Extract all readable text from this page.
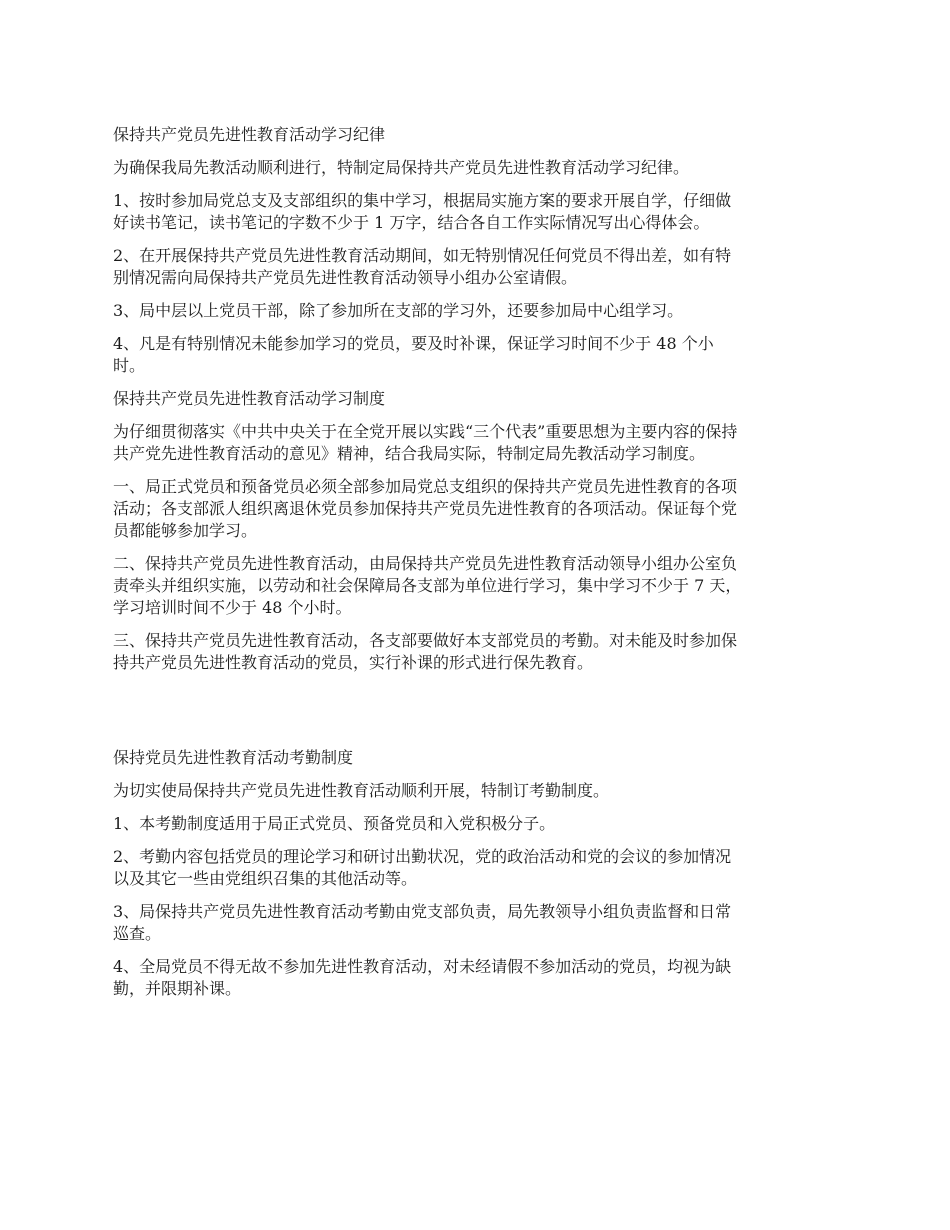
保持共产党员先进性教育活动学习纪律
为确保我局先教活动顺利进行，特制定局保持共产党员先进性教育活动学习纪律。
1、按时参加局党总支及支部组织的集中学习，根据局实施方案的要求开展自学，仔细做
好读书笔记，读书笔记的字数不少于 1 万字，结合各自工作实际情况写出心得体会。
2、在开展保持共产党员先进性教育活动期间，如无特别情况任何党员不得出差，如有特
别情况需向局保持共产党员先进性教育活动领导小组办公室请假。
3、局中层以上党员干部，除了参加所在支部的学习外，还要参加局中心组学习。
4、凡是有特别情况未能参加学习的党员，要及时补课，保证学习时间不少于 48 个小
时。
保持共产党员先进性教育活动学习制度
为仔细贯彻落实《中共中央关于在全党开展以实践“三个代表”重要思想为主要内容的保持
共产党先进性教育活动的意见》精神，结合我局实际，特制定局先教活动学习制度。
一、局正式党员和预备党员必须全部参加局党总支组织的保持共产党员先进性教育的各项
活动；各支部派人组织离退休党员参加保持共产党员先进性教育的各项活动。保证每个党
员都能够参加学习。
二、保持共产党员先进性教育活动，由局保持共产党员先进性教育活动领导小组办公室负
责牵头并组织实施，以劳动和社会保障局各支部为单位进行学习，集中学习不少于 7 天，
学习培训时间不少于 48 个小时。
三、保持共产党员先进性教育活动，各支部要做好本支部党员的考勤。对未能及时参加保
持共产党员先进性教育活动的党员，实行补课的形式进行保先教育。
保持党员先进性教育活动考勤制度
为切实使局保持共产党员先进性教育活动顺利开展，特制订考勤制度。
1、本考勤制度适用于局正式党员、预备党员和入党积极分子。
2、考勤内容包括党员的理论学习和研讨出勤状况，党的政治活动和党的会议的参加情况
以及其它一些由党组织召集的其他活动等。
3、局保持共产党员先进性教育活动考勤由党支部负责，局先教领导小组负责监督和日常
巡查。
4、全局党员不得无故不参加先进性教育活动，对未经请假不参加活动的党员，均视为缺
勤，并限期补课。
